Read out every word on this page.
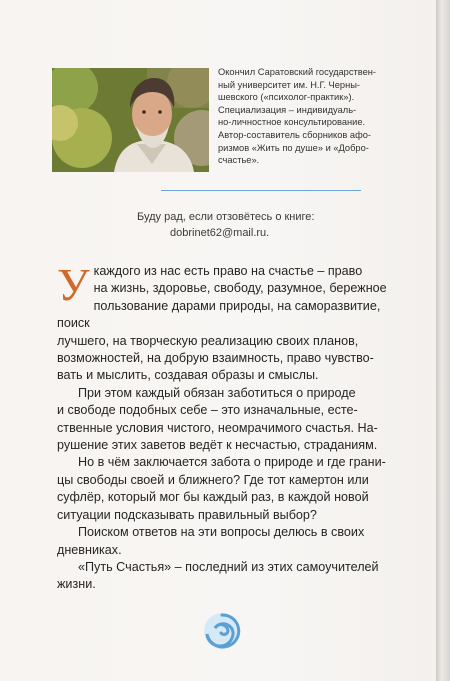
Окончил Саратовский государствен-

ный университет им. Н.Г. Черны-

шевского («психолог-практик»).

Специализация – индивидуаль-

но-личностное консультирование.

Автор-составитель сборников афо-

ризмов «Жить по душе» и «Добро-

счастье».

Буду рад, если отзовётесь о книге:
dobrinet62@mail.ru.
У каждого из нас есть право на счастье – право

на жизнь, здоровье, свободу, разумное, бережное

пользование дарами природы, на саморазвитие, поиск

лучшего, на творческую реализацию своих планов,

возможностей, на добрую взаимность, право чувство-

вать и мыслить, создавая образы и смыслы.

При этом каждый обязан заботиться о природе

и свободе подобных себе – это изначальные, есте-

ственные условия чистого, неомрачимого счастья. На-

рушение этих заветов ведёт к несчастью, страданиям.

Но в чём заключается забота о природе и где грани-

цы свободы своей и ближнего? Где тот камертон или

суфлёр, который мог бы каждый раз, в каждой новой

ситуации подсказывать правильный выбор?

Поиском ответов на эти вопросы делюсь в своих

дневниках.

«Путь Счастья» – последний из этих самоучителей

жизни.
